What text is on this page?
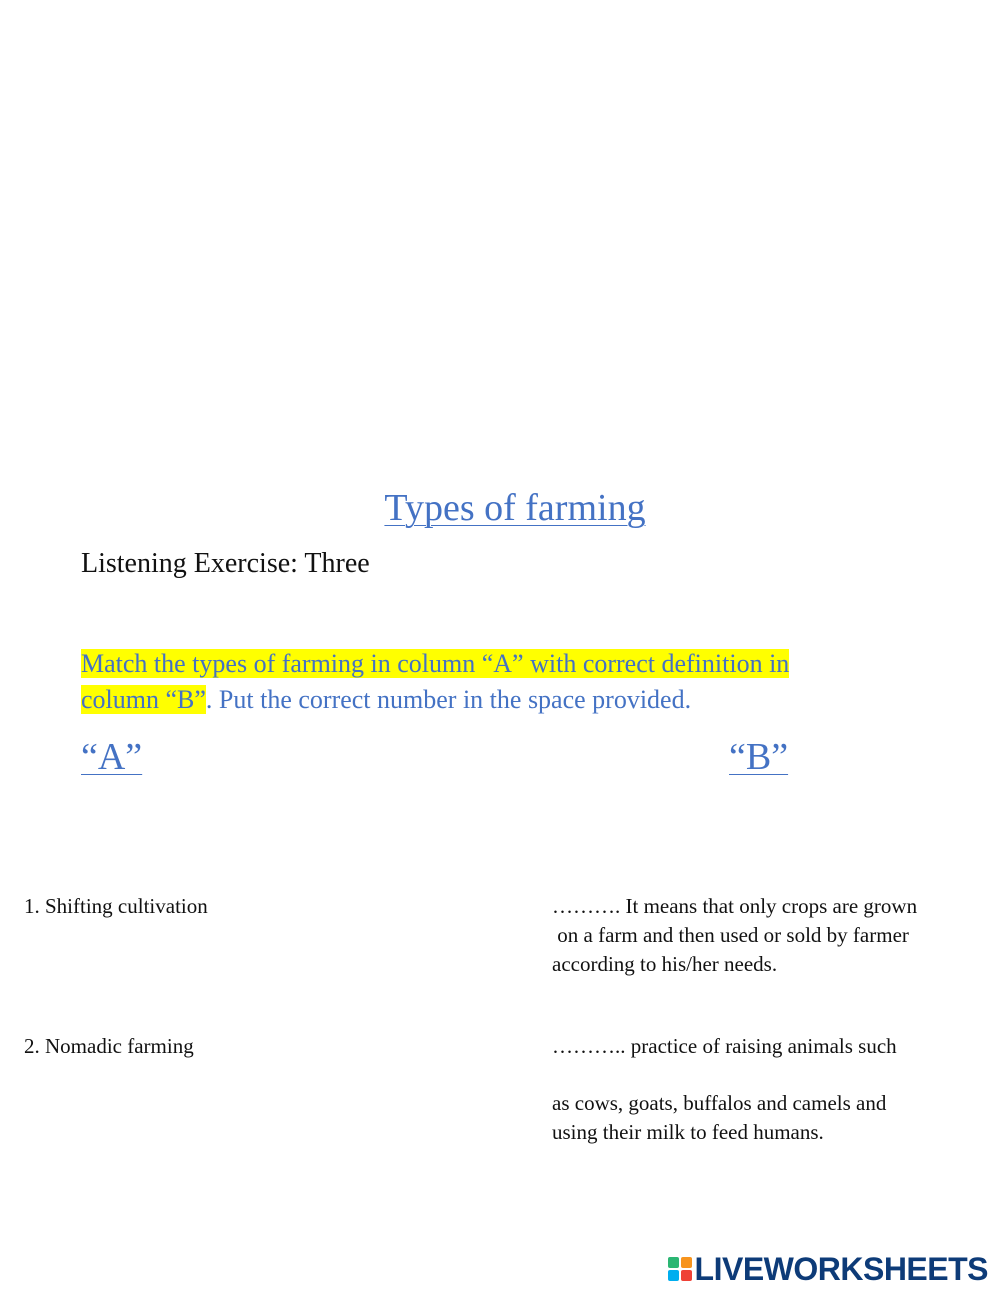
Types of farming
Listening Exercise: Three
Match the types of farming in column “A” with correct definition in
column “B”. Put the correct number in the space provided.
“A”	“B”
1. Shifting cultivation
2. Nomadic farming
………. It means that only crops are grown
on a farm and then used or sold by farmer
according to his/her needs.
……….. practice of raising animals such
as cows, goats, buffalos and camels and
using their milk to feed humans.
LIVEWORKSHEETS
